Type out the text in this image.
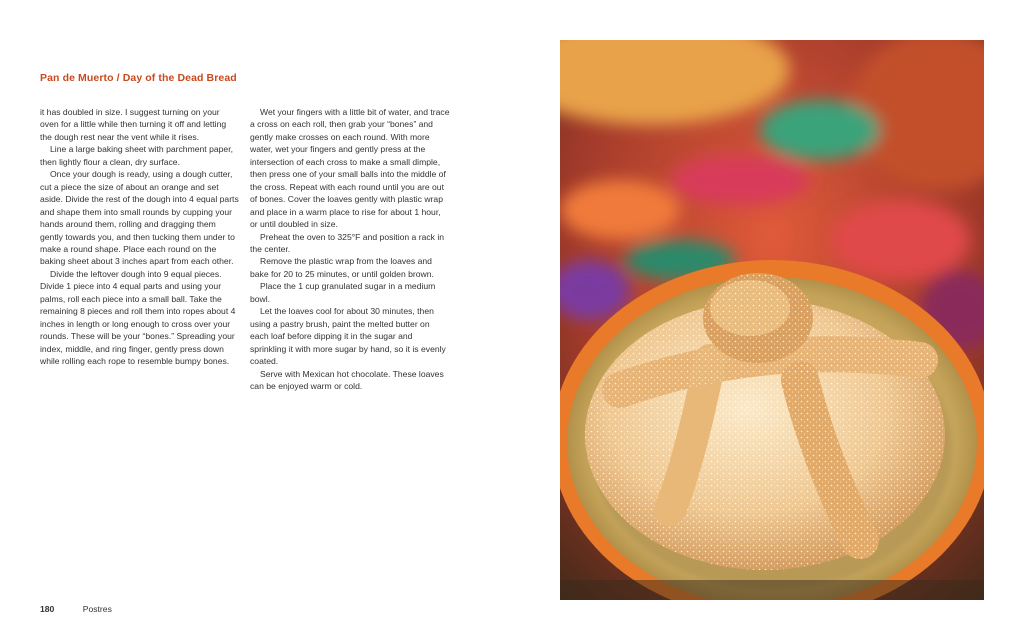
Pan de Muerto / Day of the Dead Bread

it has doubled in size. I suggest turning on your oven for a little while then turning it off and letting the dough rest near the vent while it rises.

Line a large baking sheet with parchment paper, then lightly flour a clean, dry surface.

Once your dough is ready, using a dough cutter, cut a piece the size of about an orange and set aside. Divide the rest of the dough into 4 equal parts and shape them into small rounds by cupping your hands around them, rolling and dragging them gently towards you, and then tucking them under to make a round shape. Place each round on the baking sheet about 3 inches apart from each other.

Divide the leftover dough into 9 equal pieces. Divide 1 piece into 4 equal parts and using your palms, roll each piece into a small ball. Take the remaining 8 pieces and roll them into ropes about 4 inches in length or long enough to cross over your rounds. These will be your “bones.” Spreading your index, middle, and ring finger, gently press down while rolling each rope to resemble bumpy bones.

Wet your fingers with a little bit of water, and trace a cross on each roll, then grab your “bones” and gently make crosses on each round. With more water, wet your fingers and gently press at the intersection of each cross to make a small dimple, then press one of your small balls into the middle of the cross. Repeat with each round until you are out of bones. Cover the loaves gently with plastic wrap and place in a warm place to rise for about 1 hour, or until doubled in size.

Preheat the oven to 325°F and position a rack in the center.

Remove the plastic wrap from the loaves and bake for 20 to 25 minutes, or until golden brown.

Place the 1 cup granulated sugar in a medium bowl.

Let the loaves cool for about 30 minutes, then using a pastry brush, paint the melted butter on each loaf before dipping it in the sugar and sprinkling it with more sugar by hand, so it is evenly coated.

Serve with Mexican hot chocolate. These loaves can be enjoyed warm or cold.

180	Postres
